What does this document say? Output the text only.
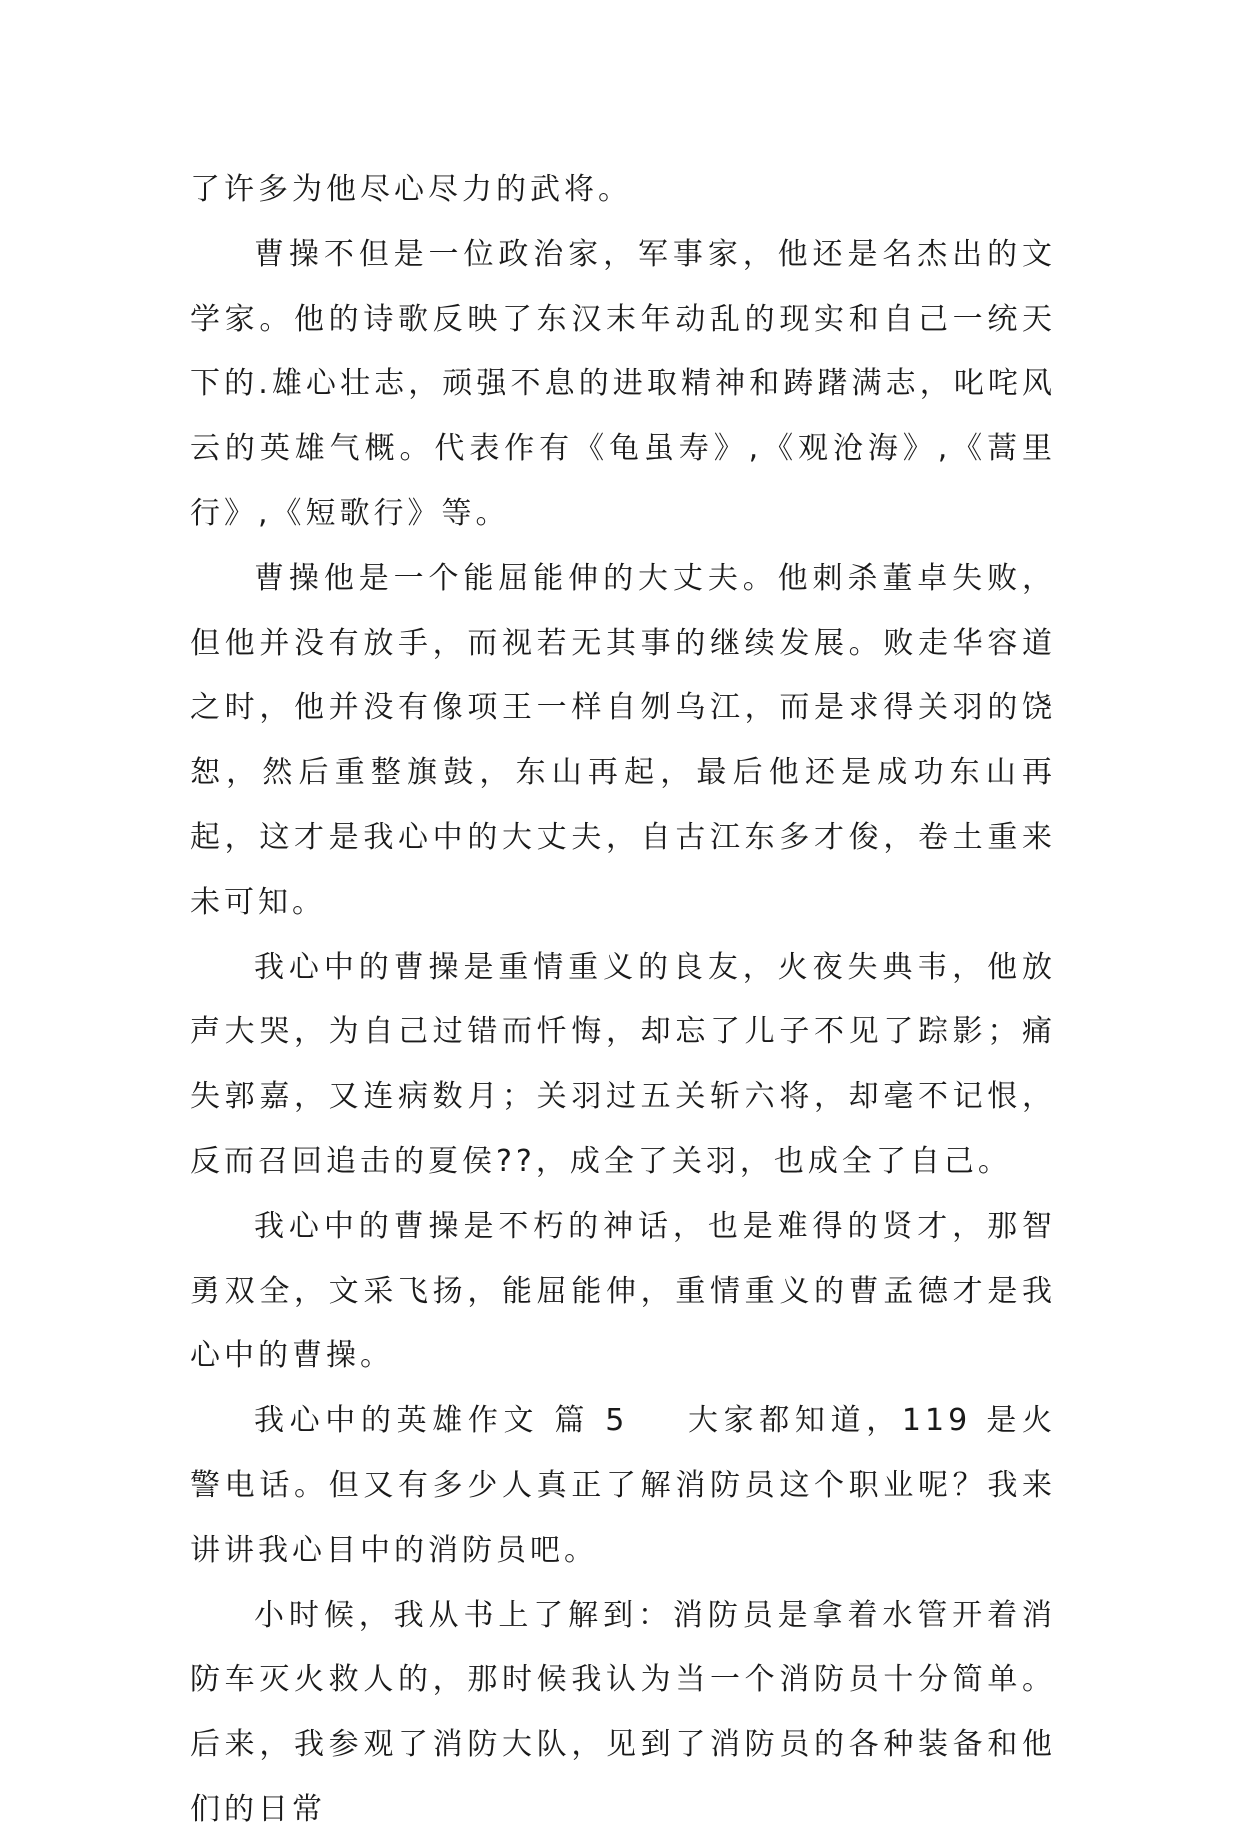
了许多为他尽心尽力的武将。

曹操不但是一位政治家，军事家，他还是名杰出的文学家。他的诗歌反映了东汉末年动乱的现实和自己一统天下的.雄心壮志，顽强不息的进取精神和踌躇满志，叱咤风云的英雄气概。代表作有《龟虽寿》,《观沧海》,《蒿里行》,《短歌行》等。

曹操他是一个能屈能伸的大丈夫。他刺杀董卓失败，但他并没有放手，而视若无其事的继续发展。败走华容道之时，他并没有像项王一样自刎乌江，而是求得关羽的饶恕，然后重整旗鼓，东山再起，最后他还是成功东山再起，这才是我心中的大丈夫，自古江东多才俊，卷土重来未可知。

我心中的曹操是重情重义的良友，火夜失典韦，他放声大哭，为自己过错而忏悔，却忘了儿子不见了踪影；痛失郭嘉，又连病数月；关羽过五关斩六将，却毫不记恨，反而召回追击的夏侯??，成全了关羽，也成全了自己。

我心中的曹操是不朽的神话，也是难得的贤才，那智勇双全，文采飞扬，能屈能伸，重情重义的曹孟德才是我心中的曹操。

我心中的英雄作文 篇 5 大家都知道，119 是火警电话。但又有多少人真正了解消防员这个职业呢？我来讲讲我心目中的消防员吧。

小时候，我从书上了解到：消防员是拿着水管开着消防车灭火救人的，那时候我认为当一个消防员十分简单。后来，我参观了消防大队，见到了消防员的各种装备和他们的日常
